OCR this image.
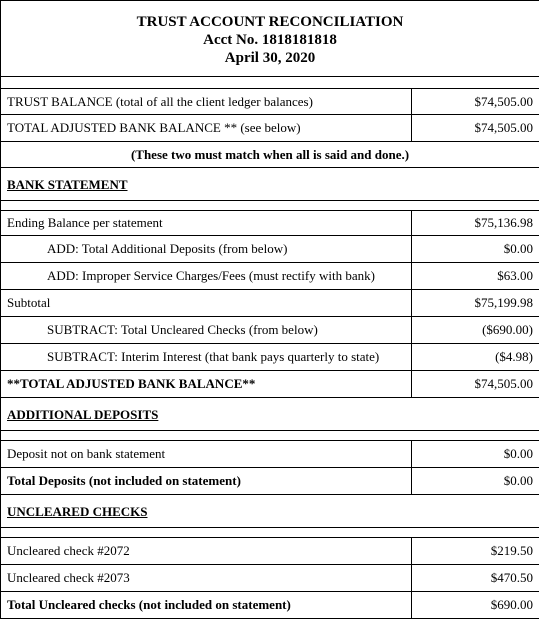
TRUST ACCOUNT RECONCILIATION
Acct No. 1818181818
April 30, 2020	

TRUST BALANCE (total of all the client ledger balances)	$74,505.00
TOTAL ADJUSTED BANK BALANCE ** (see below)	$74,505.00
(These two must match when all is said and done.)	
BANK STATEMENT	

Ending Balance per statement	$75,136.98
ADD: Total Additional Deposits (from below)	$0.00
ADD: Improper Service Charges/Fees (must rectify with bank)	$63.00
Subtotal	$75,199.98
SUBTRACT: Total Uncleared Checks (from below)	($690.00)
SUBTRACT: Interim Interest (that bank pays quarterly to state)	($4.98)
**TOTAL ADJUSTED BANK BALANCE**	$74,505.00
ADDITIONAL DEPOSITS	

Deposit not on bank statement	$0.00
Total Deposits (not included on statement)	$0.00
UNCLEARED CHECKS	

Uncleared check #2072	$219.50
Uncleared check #2073	$470.50
Total Uncleared checks (not included on statement)	$690.00
